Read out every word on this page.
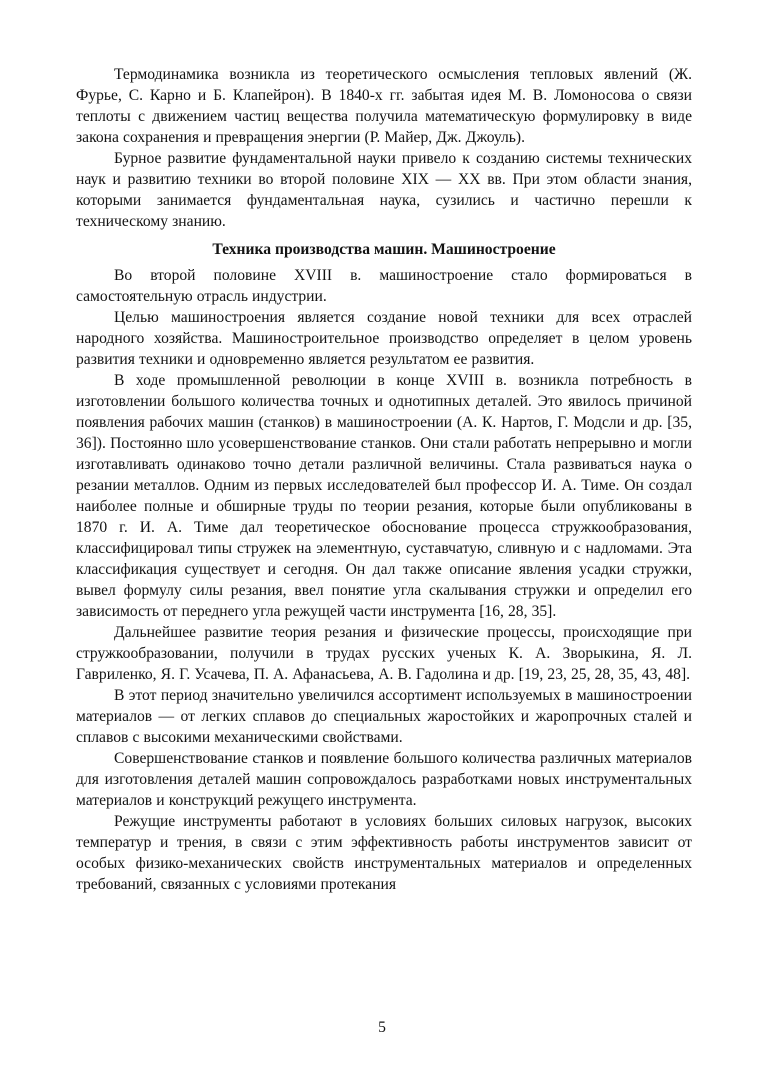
Термодинамика возникла из теоретического осмысления тепловых явлений (Ж. Фурье, С. Карно и Б. Клапейрон). В 1840-х гг. забытая идея М. В. Ломоносова о связи теплоты с движением частиц вещества получила математическую формулировку в виде закона сохранения и превращения энергии (Р. Майер, Дж. Джоуль).

Бурное развитие фундаментальной науки привело к созданию системы технических наук и развитию техники во второй половине XIX — XX вв. При этом области знания, которыми занимается фундаментальная наука, сузились и частично перешли к техническому знанию.

Техника производства машин. Машиностроение

Во второй половине XVIII в. машиностроение стало формироваться в самостоятельную отрасль индустрии.

Целью машиностроения является создание новой техники для всех отраслей народного хозяйства. Машиностроительное производство определяет в целом уровень развития техники и одновременно является результатом ее развития.

В ходе промышленной революции в конце XVIII в. возникла потребность в изготовлении большого количества точных и однотипных деталей. Это явилось причиной появления рабочих машин (станков) в машиностроении (А. К. Нартов, Г. Модсли и др. [35, 36]). Постоянно шло усовершенствование станков. Они стали работать непрерывно и могли изготавливать одинаково точно детали различной величины. Стала развиваться наука о резании металлов. Одним из первых исследователей был профессор И. А. Тиме. Он создал наиболее полные и обширные труды по теории резания, которые были опубликованы в 1870 г. И. А. Тиме дал теоретическое обоснование процесса стружкообразования, классифицировал типы стружек на элементную, суставчатую, сливную и с надломами. Эта классификация существует и сегодня. Он дал также описание явления усадки стружки, вывел формулу силы резания, ввел понятие угла скалывания стружки и определил его зависимость от переднего угла режущей части инструмента [16, 28, 35].

Дальнейшее развитие теория резания и физические процессы, происходящие при стружкообразовании, получили в трудах русских ученых К. А. Зворыкина, Я. Л. Гавриленко, Я. Г. Усачева, П. А. Афанасьева, А. В. Гадолина и др. [19, 23, 25, 28, 35, 43, 48].

В этот период значительно увеличился ассортимент используемых в машиностроении материалов — от легких сплавов до специальных жаростойких и жаропрочных сталей и сплавов с высокими механическими свойствами.

Совершенствование станков и появление большого количества различных материалов для изготовления деталей машин сопровождалось разработками новых инструментальных материалов и конструкций режущего инструмента.

Режущие инструменты работают в условиях больших силовых нагрузок, высоких температур и трения, в связи с этим эффективность работы инструментов зависит от особых физико-механических свойств инструментальных материалов и определенных требований, связанных с условиями протекания

5
